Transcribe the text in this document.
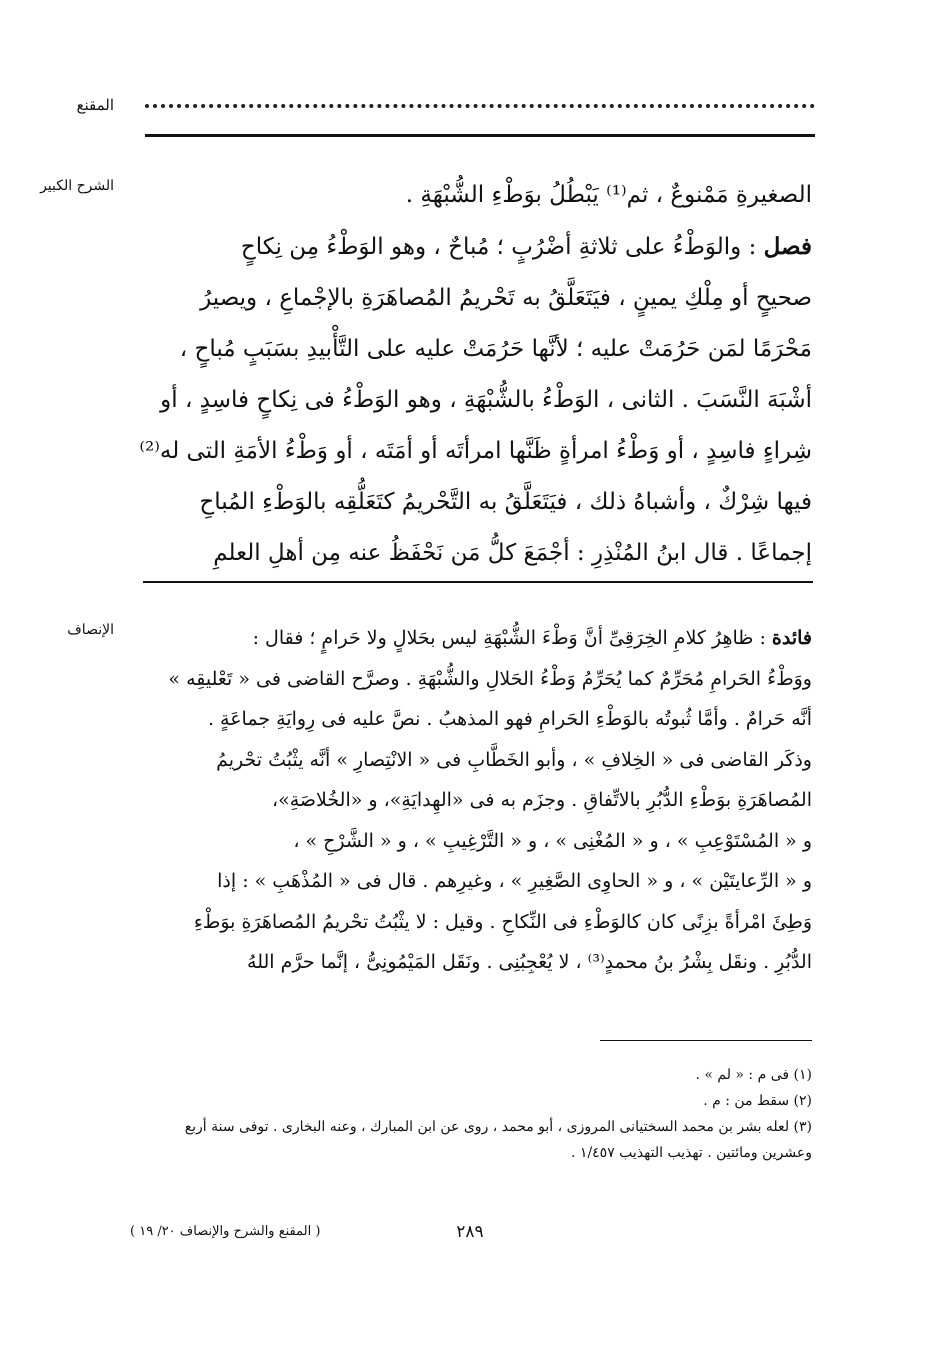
المقنع
الشرح الكبير
الإنصاف

الصغيرةِ مَمْنوعٌ ، ثم⁽¹⁾ يَبْطُلُ بوَطْءِ الشُّبْهَةِ .

فصل : والوَطْءُ على ثلاثةِ أضْرُبٍ ؛ مُباحٌ ، وهو الوَطْءُ مِن نِكاحٍ

صحيحٍ أو مِلْكِ يمينٍ ، فيَتَعَلَّقُ به تَحْريمُ المُصاهَرَةِ بالإجْماعِ ، ويصيرُ

مَحْرَمًا لمَن حَرُمَتْ عليه ؛ لأنَّها حَرُمَتْ عليه على التَّأْبيدِ بسَبَبٍ مُباحٍ ،

أشْبَهَ النَّسَبَ . الثانى ، الوَطْءُ بالشُّبْهَةِ ، وهو الوَطْءُ فى نِكاحٍ فاسِدٍ ، أو

شِراءٍ فاسِدٍ ، أو وَطْءُ امرأةٍ ظَنَّها امرأتَه أو أمَتَه ، أو وَطْءُ الأمَةِ التى له⁽²⁾

فيها شِرْكٌ ، وأشباهُ ذلك ، فيَتَعَلَّقُ به التَّحْريمُ كتَعَلُّقِه بالوَطْءِ المُباحِ

إجماعًا . قال ابنُ المُنْذِرِ : أجْمَعَ كلُّ مَن نَحْفَظُ عنه مِن أهلِ العلمِ

فائدة : ظاهِرُ كلامِ الخِرَقِىِّ أنَّ وَطْءَ الشُّبْهَةِ ليس بحَلالٍ ولا حَرامٍ ؛ فقال :

ووَطْءُ الحَرامِ مُحَرِّمٌ كما يُحَرِّمُ وَطْءُ الحَلالِ والشُّبْهَةِ . وصرَّح القاضى فى « تَعْليقِه »

أنَّه حَرامٌ . وأمَّا ثُبوتُه بالوَطْءِ الحَرامِ فهو المذهبُ . نصَّ عليه فى رِوايَةِ جماعَةٍ .

وذكَر القاضى فى « الخِلافِ » ، وأبو الخَطَّابِ فى « الانْتِصارِ » أنَّه يثْبُتُ تحْريمُ

المُصاهَرَةِ بوَطْءِ الدُّبُرِ بالاتِّفاقِ . وجزَم به فى «الهِدايَةِ»، و «الخُلاصَةِ»،

و « المُسْتَوْعِبِ » ، و « المُغْنِى » ، و « التَّرْغِيبِ » ، و « الشَّرْحِ » ،

و « الرِّعايتَيْن » ، و « الحاوِى الصَّغِيرِ » ، وغيرِهم . قال فى « المُذْهَبِ » : إذا

وَطِئَ امْرأةً بزِنًى كان كالوَطْءِ فى النِّكاحِ . وقيل : لا يثْبُتُ تحْريمُ المُصاهَرَةِ بوَطْءِ

الدُّبُرِ . ونقَل بِشْرُ بنُ محمدٍ⁽³⁾ ، لا يُعْجِبُنِى . ونَقَل المَيْمُونِىُّ ، إنَّما حرَّم اللهُ

(١) فى م : « لم » .
(٢) سقط من : م .
(٣) لعله بشر بن محمد السختيانى المروزى ، أبو محمد ، روى عن ابن المبارك ، وعنه البخارى . توفى سنة أربع
وعشرين ومائتين . تهذيب التهذيب ١/٤٥٧ .
٢٨٩
( المقنع والشرح والإنصاف ٢٠/ ١٩ )
